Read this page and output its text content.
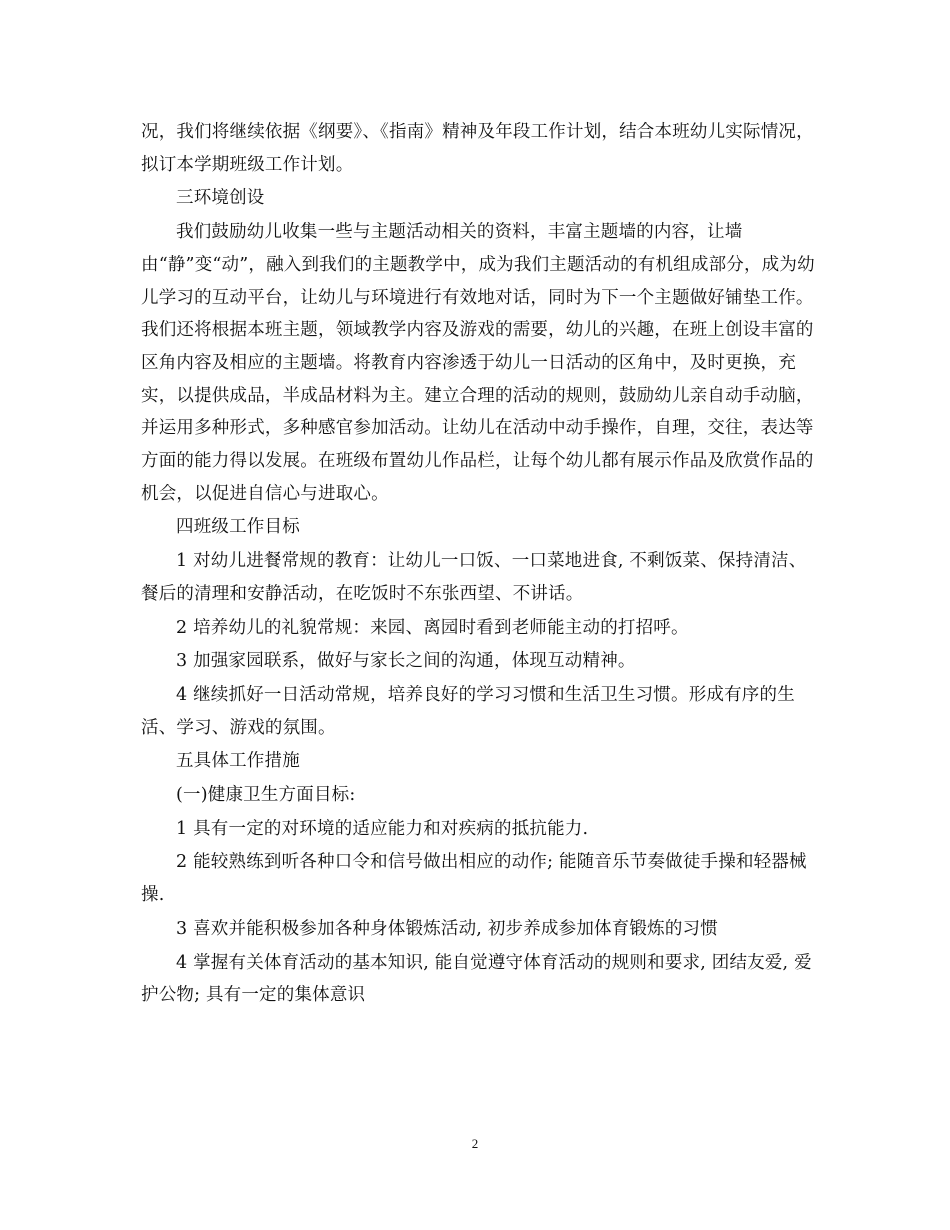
况，我们将继续依据《纲要》、《指南》精神及年段工作计划，结合本班幼儿实际情况，拟订本学期班级工作计划。

三环境创设

我们鼓励幼儿收集一些与主题活动相关的资料，丰富主题墙的内容，让墙由“静”变“动”，融入到我们的主题教学中，成为我们主题活动的有机组成部分，成为幼儿学习的互动平台，让幼儿与环境进行有效地对话，同时为下一个主题做好铺垫工作。我们还将根据本班主题，领域教学内容及游戏的需要，幼儿的兴趣，在班上创设丰富的区角内容及相应的主题墙。将教育内容渗透于幼儿一日活动的区角中，及时更换，充实，以提供成品，半成品材料为主。建立合理的活动的规则，鼓励幼儿亲自动手动脑，并运用多种形式，多种感官参加活动。让幼儿在活动中动手操作，自理，交往，表达等方面的能力得以发展。在班级布置幼儿作品栏，让每个幼儿都有展示作品及欣赏作品的机会，以促进自信心与进取心。

四班级工作目标

1 对幼儿进餐常规的教育：让幼儿一口饭、一口菜地进食, 不剩饭菜、保持清洁、餐后的清理和安静活动，在吃饭时不东张西望、不讲话。

2 培养幼儿的礼貌常规：来园、离园时看到老师能主动的打招呼。

3 加强家园联系，做好与家长之间的沟通，体现互动精神。

4 继续抓好一日活动常规，培养良好的学习习惯和生活卫生习惯。形成有序的生活、学习、游戏的氛围。

五具体工作措施

(一)健康卫生方面目标:

1 具有一定的对环境的适应能力和对疾病的抵抗能力.

2 能较熟练到听各种口令和信号做出相应的动作; 能随音乐节奏做徒手操和轻器械操.

3 喜欢并能积极参加各种身体锻炼活动, 初步养成参加体育锻炼的习惯

4 掌握有关体育活动的基本知识, 能自觉遵守体育活动的规则和要求, 团结友爱, 爱护公物; 具有一定的集体意识

2
